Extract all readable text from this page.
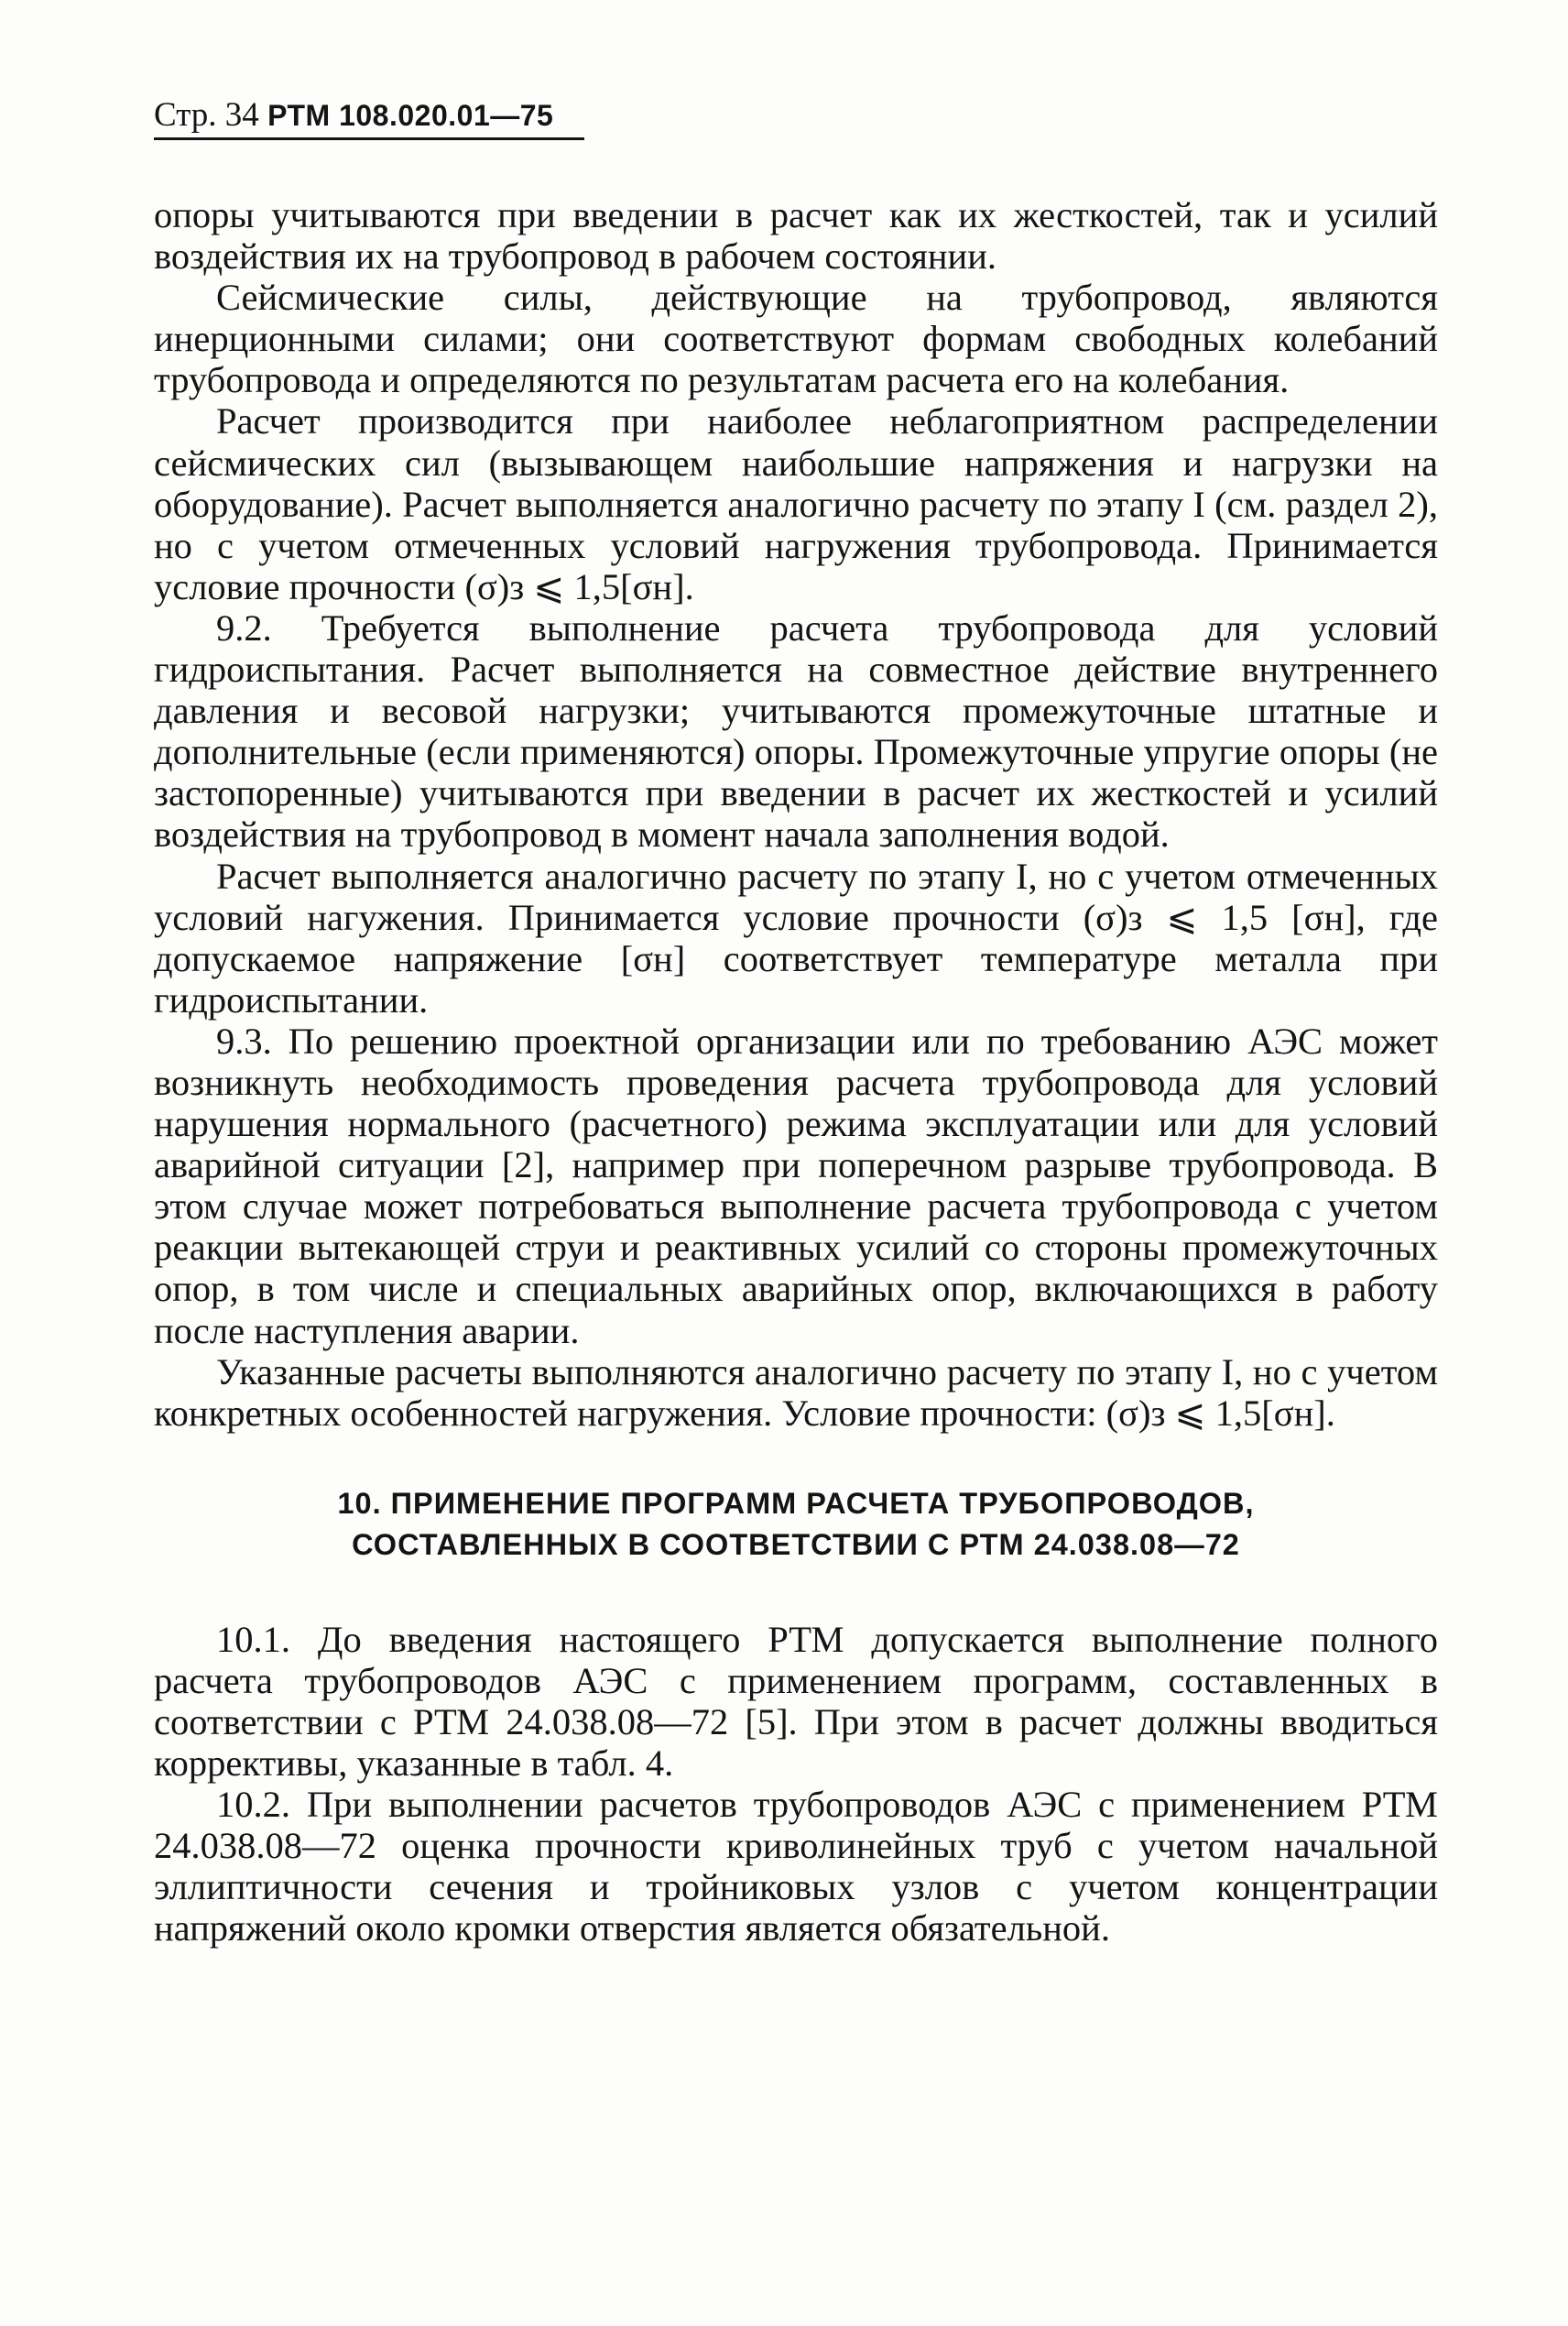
Стр. 34 РТМ 108.020.01—75

опоры учитываются при введении в расчет как их жесткостей, так и усилий воздействия их на трубопровод в рабочем состоянии.

Сейсмические силы, действующие на трубопровод, являются инерционными силами; они соответствуют формам свободных колебаний трубопровода и определяются по результатам расчета его на колебания.

Расчет производится при наиболее неблагоприятном распределении сейсмических сил (вызывающем наибольшие напряжения и нагрузки на оборудование). Расчет выполняется аналогично расчету по этапу I (см. раздел 2), но с учетом отмеченных условий нагружения трубопровода. Принимается условие прочности (σ)з ⩽ 1,5[σн].

9.2. Требуется выполнение расчета трубопровода для условий гидроиспытания. Расчет выполняется на совместное действие внутреннего давления и весовой нагрузки; учитываются промежуточные штатные и дополнительные (если применяются) опоры. Промежуточные упругие опоры (не застопоренные) учитываются при введении в расчет их жесткостей и усилий воздействия на трубопровод в момент начала заполнения водой.

Расчет выполняется аналогично расчету по этапу I, но с учетом отмеченных условий нагужения. Принимается условие прочности (σ)з ⩽ 1,5 [σн], где допускаемое напряжение [σн] соответствует температуре металла при гидроиспытании.

9.3. По решению проектной организации или по требованию АЭС может возникнуть необходимость проведения расчета трубопровода для условий нарушения нормального (расчетного) режима эксплуатации или для условий аварийной ситуации [2], например при поперечном разрыве трубопровода. В этом случае может потребоваться выполнение расчета трубопровода с учетом реакции вытекающей струи и реактивных усилий со стороны промежуточных опор, в том числе и специальных аварийных опор, включающихся в работу после наступления аварии.

Указанные расчеты выполняются аналогично расчету по этапу I, но с учетом конкретных особенностей нагружения. Условие прочности: (σ)з ⩽ 1,5[σн].

10. ПРИМЕНЕНИЕ ПРОГРАММ РАСЧЕТА ТРУБОПРОВОДОВ,
СОСТАВЛЕННЫХ В СООТВЕТСТВИИ С РТМ 24.038.08—72

10.1. До введения настоящего РТМ допускается выполнение полного расчета трубопроводов АЭС с применением программ, составленных в соответствии с РТМ 24.038.08—72 [5]. При этом в расчет должны вводиться коррективы, указанные в табл. 4.

10.2. При выполнении расчетов трубопроводов АЭС с применением РТМ 24.038.08—72 оценка прочности криволинейных труб с учетом начальной эллиптичности сечения и тройниковых узлов с учетом концентрации напряжений около кромки отверстия является обязательной.
